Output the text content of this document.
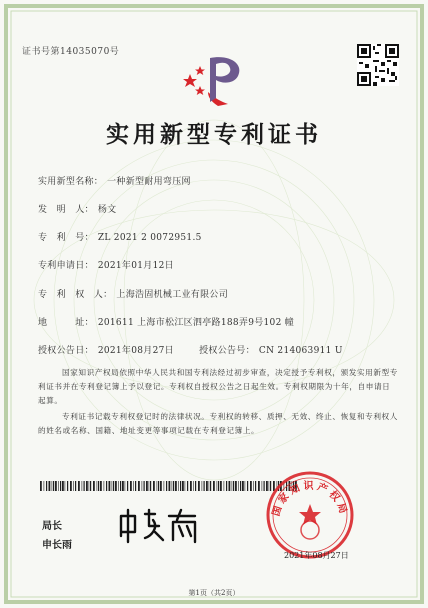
证书号第14035070号
实用新型专利证书
实用新型名称： 一种新型耐用弯压网
发　明　人： 杨文
专　利　号： ZL 2021 2 0072951.5
专利申请日： 2021年01月12日
专　利　权　人： 上海浩固机械工业有限公司
地　　　址： 201611 上海市松江区泗亭路188弄9号102 幢
授权公告日： 2021年08月27日	授权公告号： CN 214063911 U
国家知识产权局依照中华人民共和国专利法经过初步审查，决定授予专利权，颁发实用新型专利证书并在专利登记簿上予以登记。专利权自授权公告之日起生效。专利权期限为十年，自申请日起算。
专利证书记载专利权登记时的法律状况。专利权的转移、质押、无效、终止、恢复和专利权人的姓名或名称、国籍、地址变更等事项记载在专利登记簿上。
局长
申长雨
国家知识产权局
2021年08月27日
第1页（共2页）
